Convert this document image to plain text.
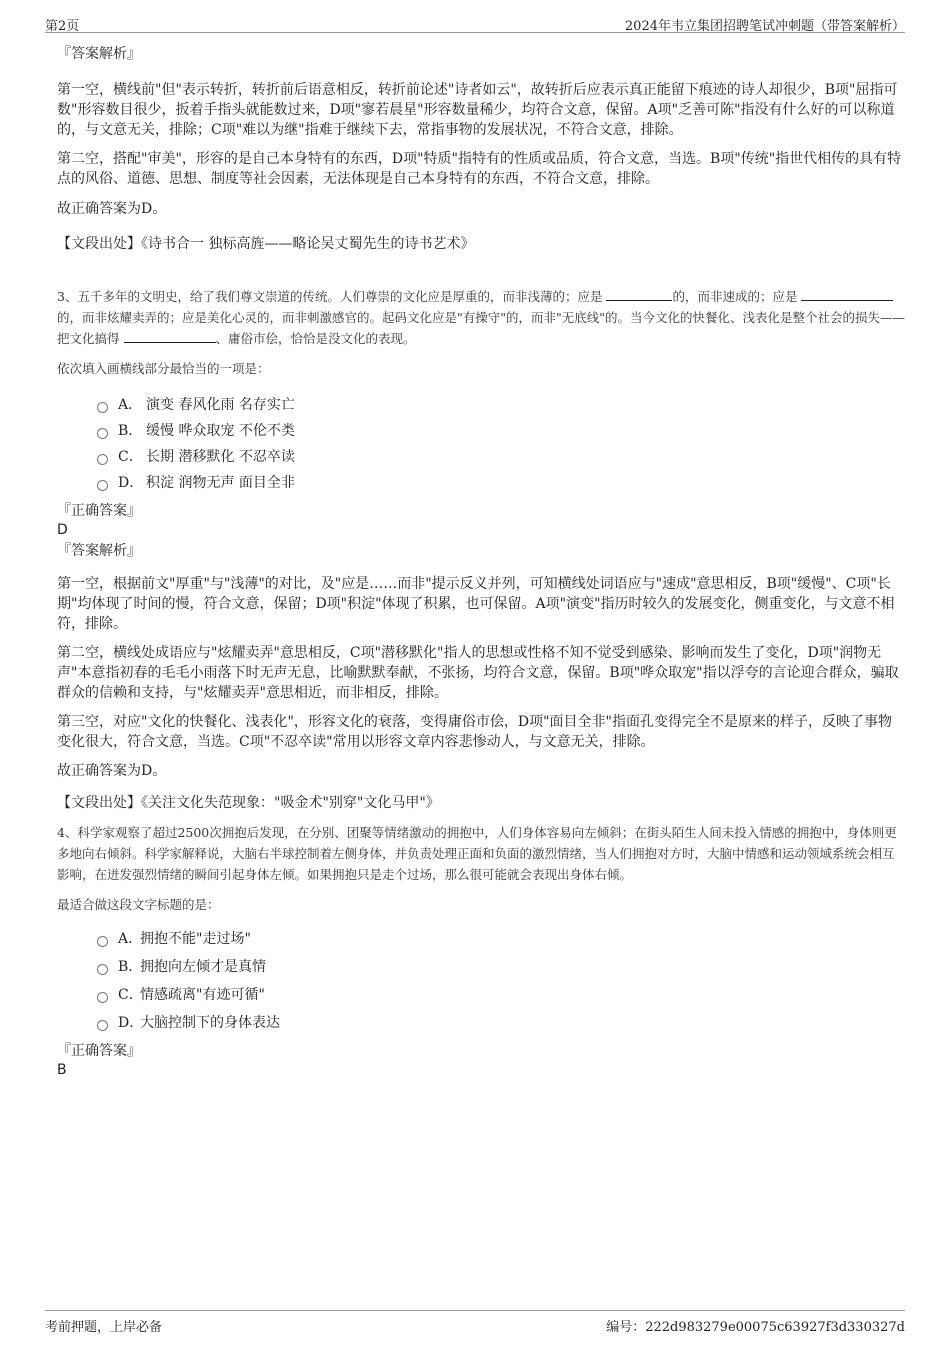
第2页	2024年韦立集团招聘笔试冲刺题（带答案解析）
『答案解析』

第一空，横线前"但"表示转折，转折前后语意相反，转折前论述"诗者如云"，故转折后应表示真正能留下痕迹的诗人却很少，B项"屈指可数"形容数目很少，扳着手指头就能数过来，D项"寥若晨星"形容数量稀少，均符合文意，保留。A项"乏善可陈"指没有什么好的可以称道的，与文意无关，排除；C项"难以为继"指难于继续下去，常指事物的发展状况，不符合文意，排除。

第二空，搭配"审美"，形容的是自己本身特有的东西，D项"特质"指特有的性质或品质，符合文意，当选。B项"传统"指世代相传的具有特点的风俗、道德、思想、制度等社会因素，无法体现是自己本身特有的东西，不符合文意，排除。

故正确答案为D。

【文段出处】《诗书合一 独标高旌——略论吴丈蜀先生的诗书艺术》

3、五千多年的文明史，给了我们尊文崇道的传统。人们尊崇的文化应是厚重的，而非浅薄的；应是	的，而非速成的；应是 的，而非炫耀卖弄的；应是美化心灵的，而非刺激感官的。起码文化应是"有操守"的，而非"无底线"的。当今文化的快餐化、浅表化是整个社会的损失——把文化搞得	、庸俗市侩，恰恰是没文化的表现。

依次填入画横线部分最恰当的一项是：

A． 演变 春风化雨 名存实亡
B． 缓慢 哗众取宠 不伦不类
C． 长期 潜移默化 不忍卒读
D． 积淀 润物无声 面目全非
『正确答案』
D
『答案解析』

第一空，根据前文"厚重"与"浅薄"的对比，及"应是……而非"提示反义并列，可知横线处词语应与"速成"意思相反，B项"缓慢"、C项"长期"均体现了时间的慢，符合文意，保留；D项"积淀"体现了积累，也可保留。A项"演变"指历时较久的发展变化，侧重变化，与文意不相符，排除。

第二空，横线处成语应与"炫耀卖弄"意思相反，C项"潜移默化"指人的思想或性格不知不觉受到感染、影响而发生了变化，D项"润物无声"本意指初春的毛毛小雨落下时无声无息，比喻默默奉献，不张扬，均符合文意，保留。B项"哗众取宠"指以浮夸的言论迎合群众，骗取群众的信赖和支持，与"炫耀卖弄"意思相近，而非相反，排除。

第三空，对应"文化的快餐化、浅表化"，形容文化的衰落，变得庸俗市侩，D项"面目全非"指面孔变得完全不是原来的样子，反映了事物变化很大，符合文意，当选。C项"不忍卒读"常用以形容文章内容悲惨动人，与文意无关，排除。

故正确答案为D。

【文段出处】《关注文化失范现象："吸金术"别穿"文化马甲"》

4、科学家观察了超过2500次拥抱后发现，在分别、团聚等情绪激动的拥抱中，人们身体容易向左倾斜；在街头陌生人间未投入情感的拥抱中，身体则更多地向右倾斜。科学家解释说，大脑右半球控制着左侧身体，并负责处理正面和负面的激烈情绪，当人们拥抱对方时，大脑中情感和运动领域系统会相互影响，在迸发强烈情绪的瞬间引起身体左倾。如果拥抱只是走个过场，那么很可能就会表现出身体右倾。

最适合做这段文字标题的是：

A．
拥抱不能"走过场"
B．
拥抱向左倾才是真情
C．
情感疏离"有迹可循"
D．
大脑控制下的身体表达
『正确答案』
B
考前押题，上岸必备	编号：222d983279e00075c63927f3d330327d
